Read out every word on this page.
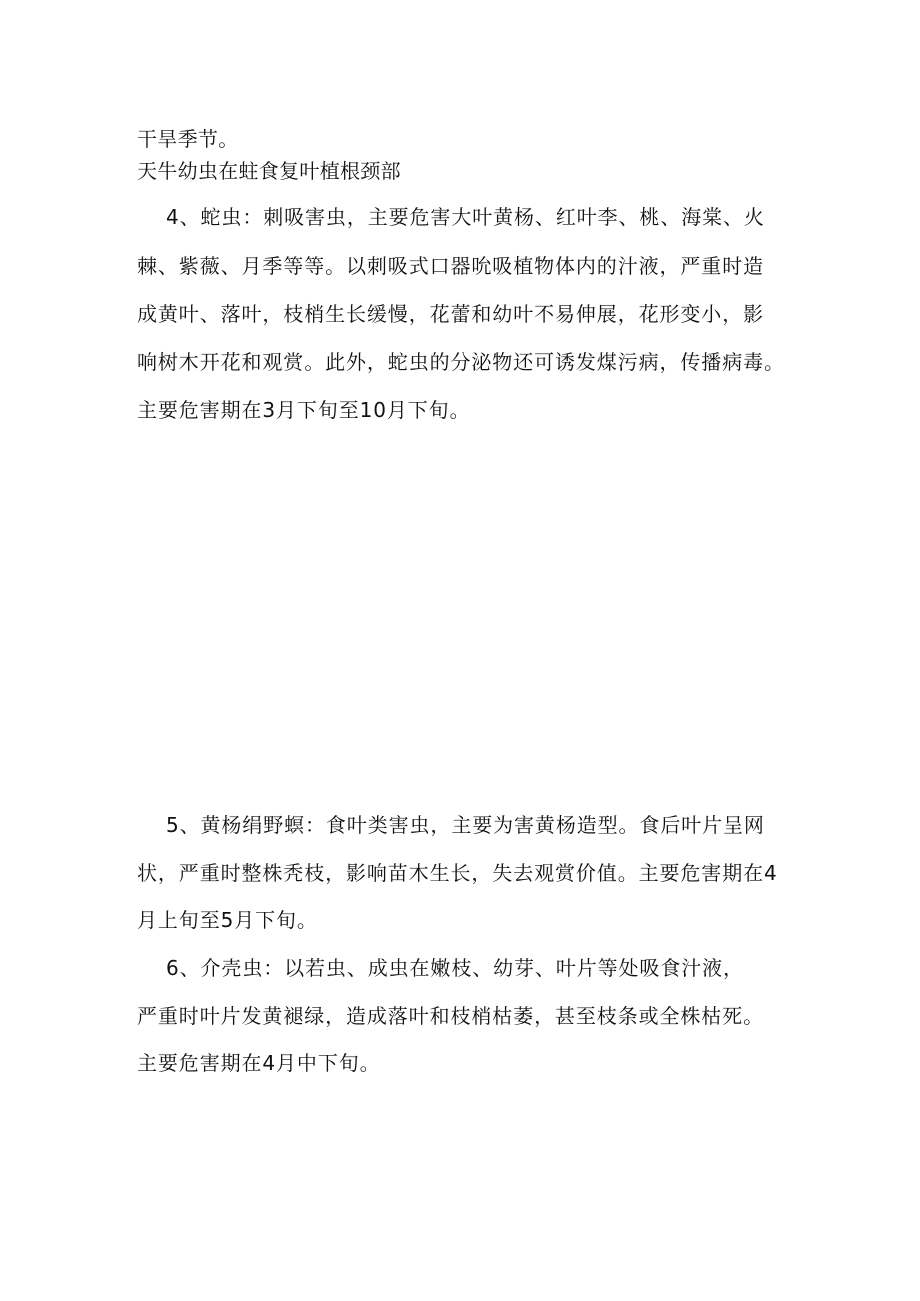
干旱季节。
天牛幼虫在蛀食复叶植根颈部
4、蛇虫：刺吸害虫，主要危害大叶黄杨、红叶李、桃、海棠、火
棘、紫薇、月季等等。以刺吸式口器吮吸植物体内的汁液，严重时造
成黄叶、落叶，枝梢生长缓慢，花蕾和幼叶不易伸展，花形变小，影
响树木开花和观赏。此外，蛇虫的分泌物还可诱发煤污病，传播病毒。
主要危害期在3月下旬至10月下旬。
5、黄杨绢野螟：食叶类害虫，主要为害黄杨造型。食后叶片呈网
状，严重时整株秃枝，影响苗木生长，失去观赏价值。主要危害期在4
月上旬至5月下旬。
6、介壳虫：以若虫、成虫在嫩枝、幼芽、叶片等处吸食汁液，
严重时叶片发黄褪绿，造成落叶和枝梢枯萎，甚至枝条或全株枯死。
主要危害期在4月中下旬。
